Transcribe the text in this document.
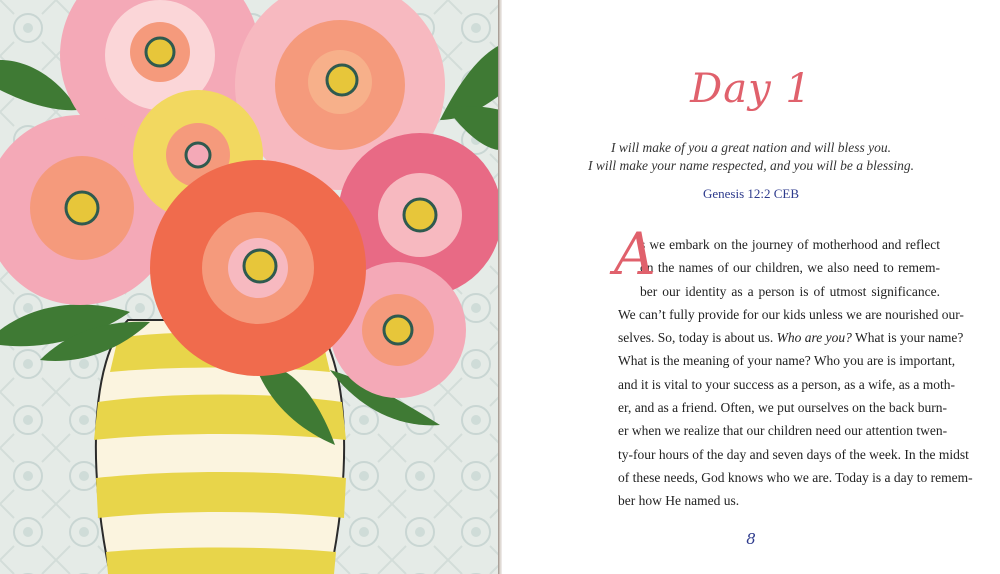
Day 1
I will make of you a great nation and will bless you.
I will make your name respected, and you will be a blessing.
Genesis 12:2 CEB
A
s we embark on the journey of motherhood and reflect
on the names of our children, we also need to remem-
ber our identity as a person is of utmost significance.
We can’t fully provide for our kids unless we are nourished our-
selves. So, today is about us. Who are you? What is your name?
What is the meaning of your name? Who you are is important,
and it is vital to your success as a person, as a wife, as a moth-
er, and as a friend. Often, we put ourselves on the back burn-
er when we realize that our children need our attention twen-
ty-four hours of the day and seven days of the week. In the midst
of these needs, God knows who we are. Today is a day to remem-
ber how He named us.
8
